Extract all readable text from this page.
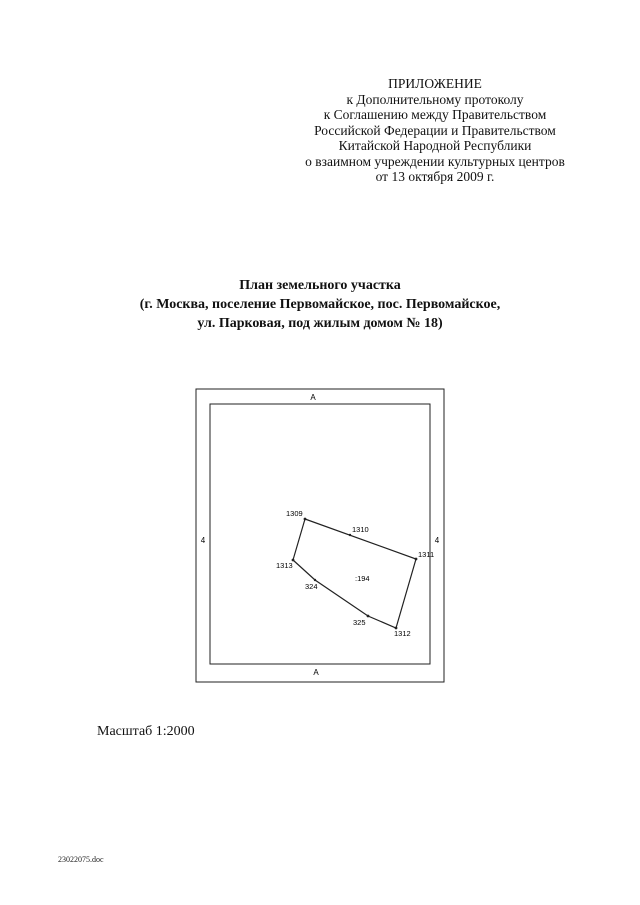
ПРИЛОЖЕНИЕ
к Дополнительному протоколу
к Соглашению между Правительством
Российской Федерации и Правительством
Китайской Народной Республики
о взаимном учреждении культурных центров
от 13 октября 2009 г.
План земельного участка
(г. Москва, поселение Первомайское, пос. Первомайское,
ул. Парковая, под жилым домом № 18)
А
А
4	4
1309
1310
1311
1312
325
324
1313
:194
Масштаб 1:2000
23022075.doc
